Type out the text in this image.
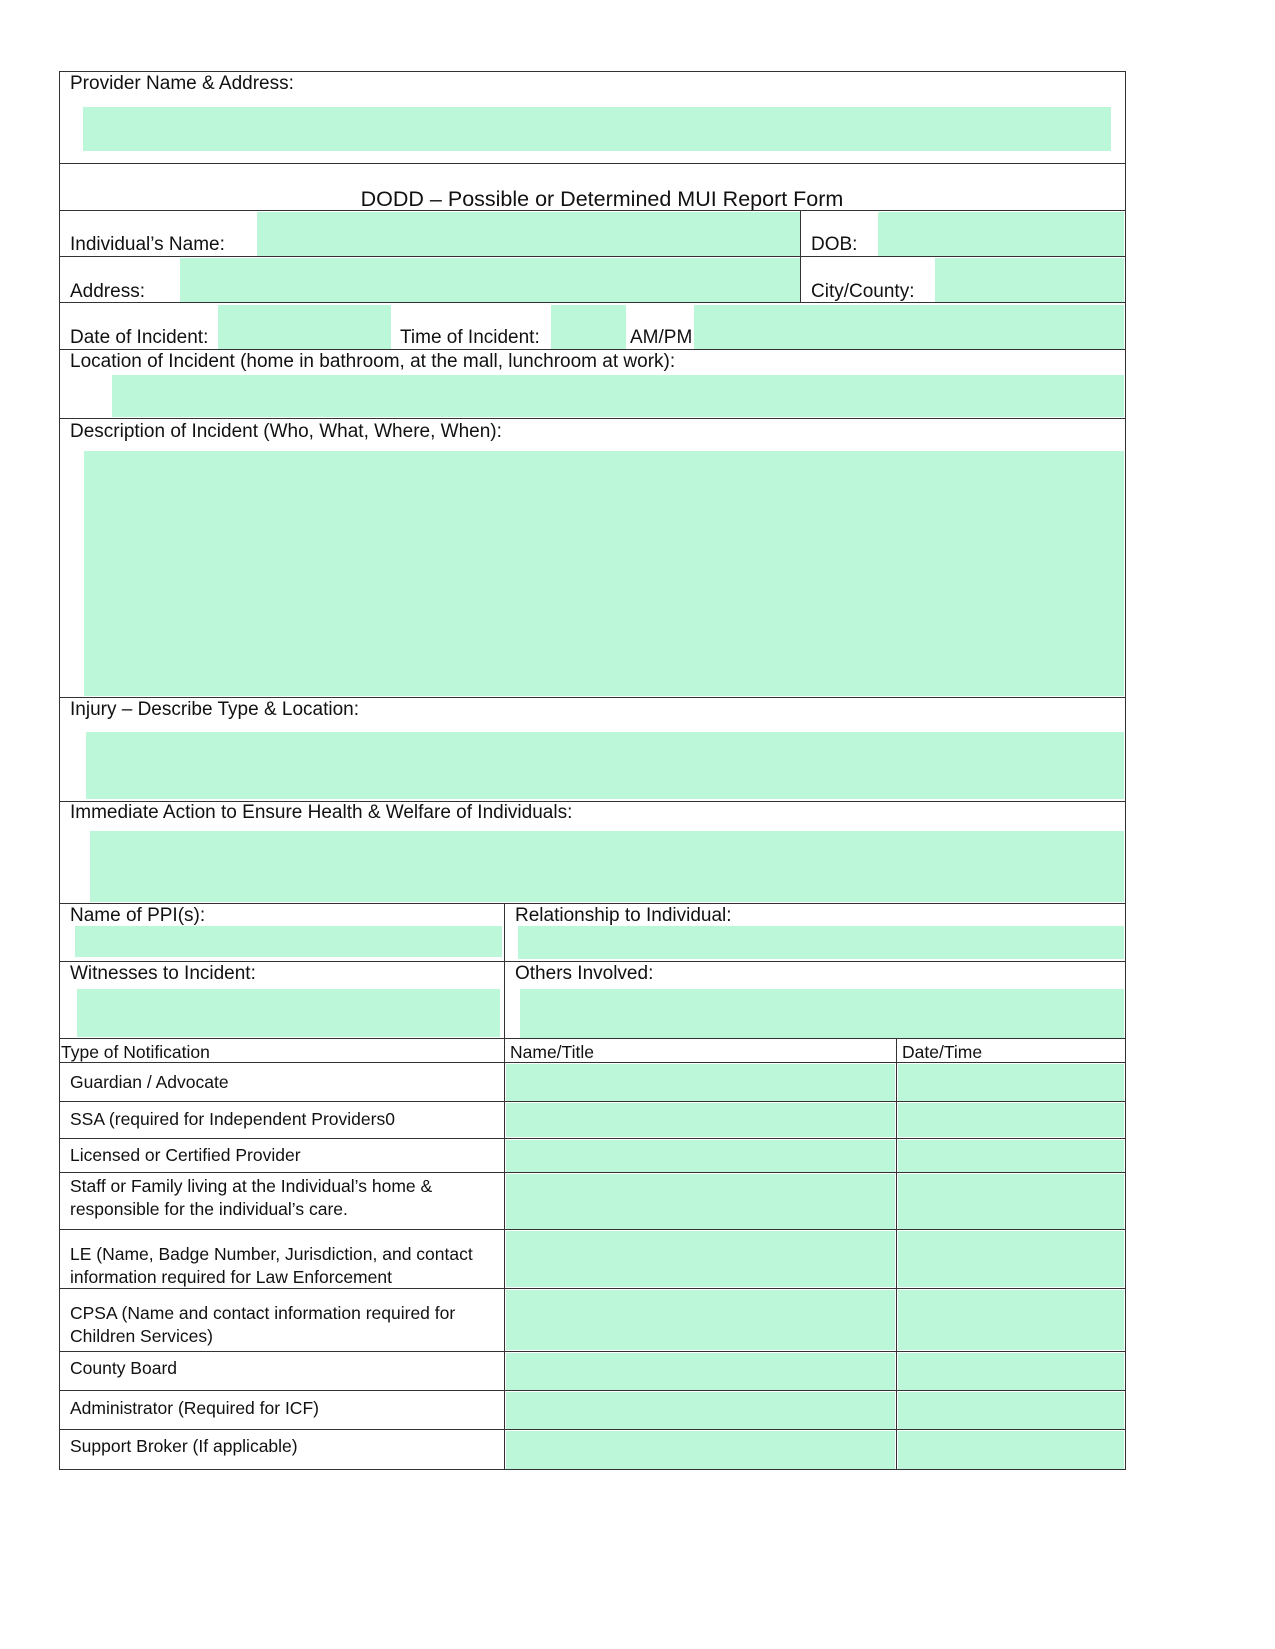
Provider Name & Address:
DODD – Possible or Determined MUI Report Form
Individual’s Name:	DOB:
Address:	City/County:
Date of Incident:	Time of Incident:	AM/PM
Location of Incident (home in bathroom, at the mall, lunchroom at work):
Description of Incident (Who, What, Where, When):
Injury – Describe Type & Location:
Immediate Action to Ensure Health & Welfare of Individuals:
Name of PPI(s):	Relationship to Individual:
Witnesses to Incident:	Others Involved:
Type of Notification	Name/Title	Date/Time
Guardian / Advocate
SSA (required for Independent Providers0
Licensed or Certified Provider
Staff or Family living at the Individual’s home & responsible for the individual’s care.
LE (Name, Badge Number, Jurisdiction, and contact information required for Law Enforcement
CPSA (Name and contact information required for Children Services)
County Board
Administrator (Required for ICF)
Support Broker (If applicable)
